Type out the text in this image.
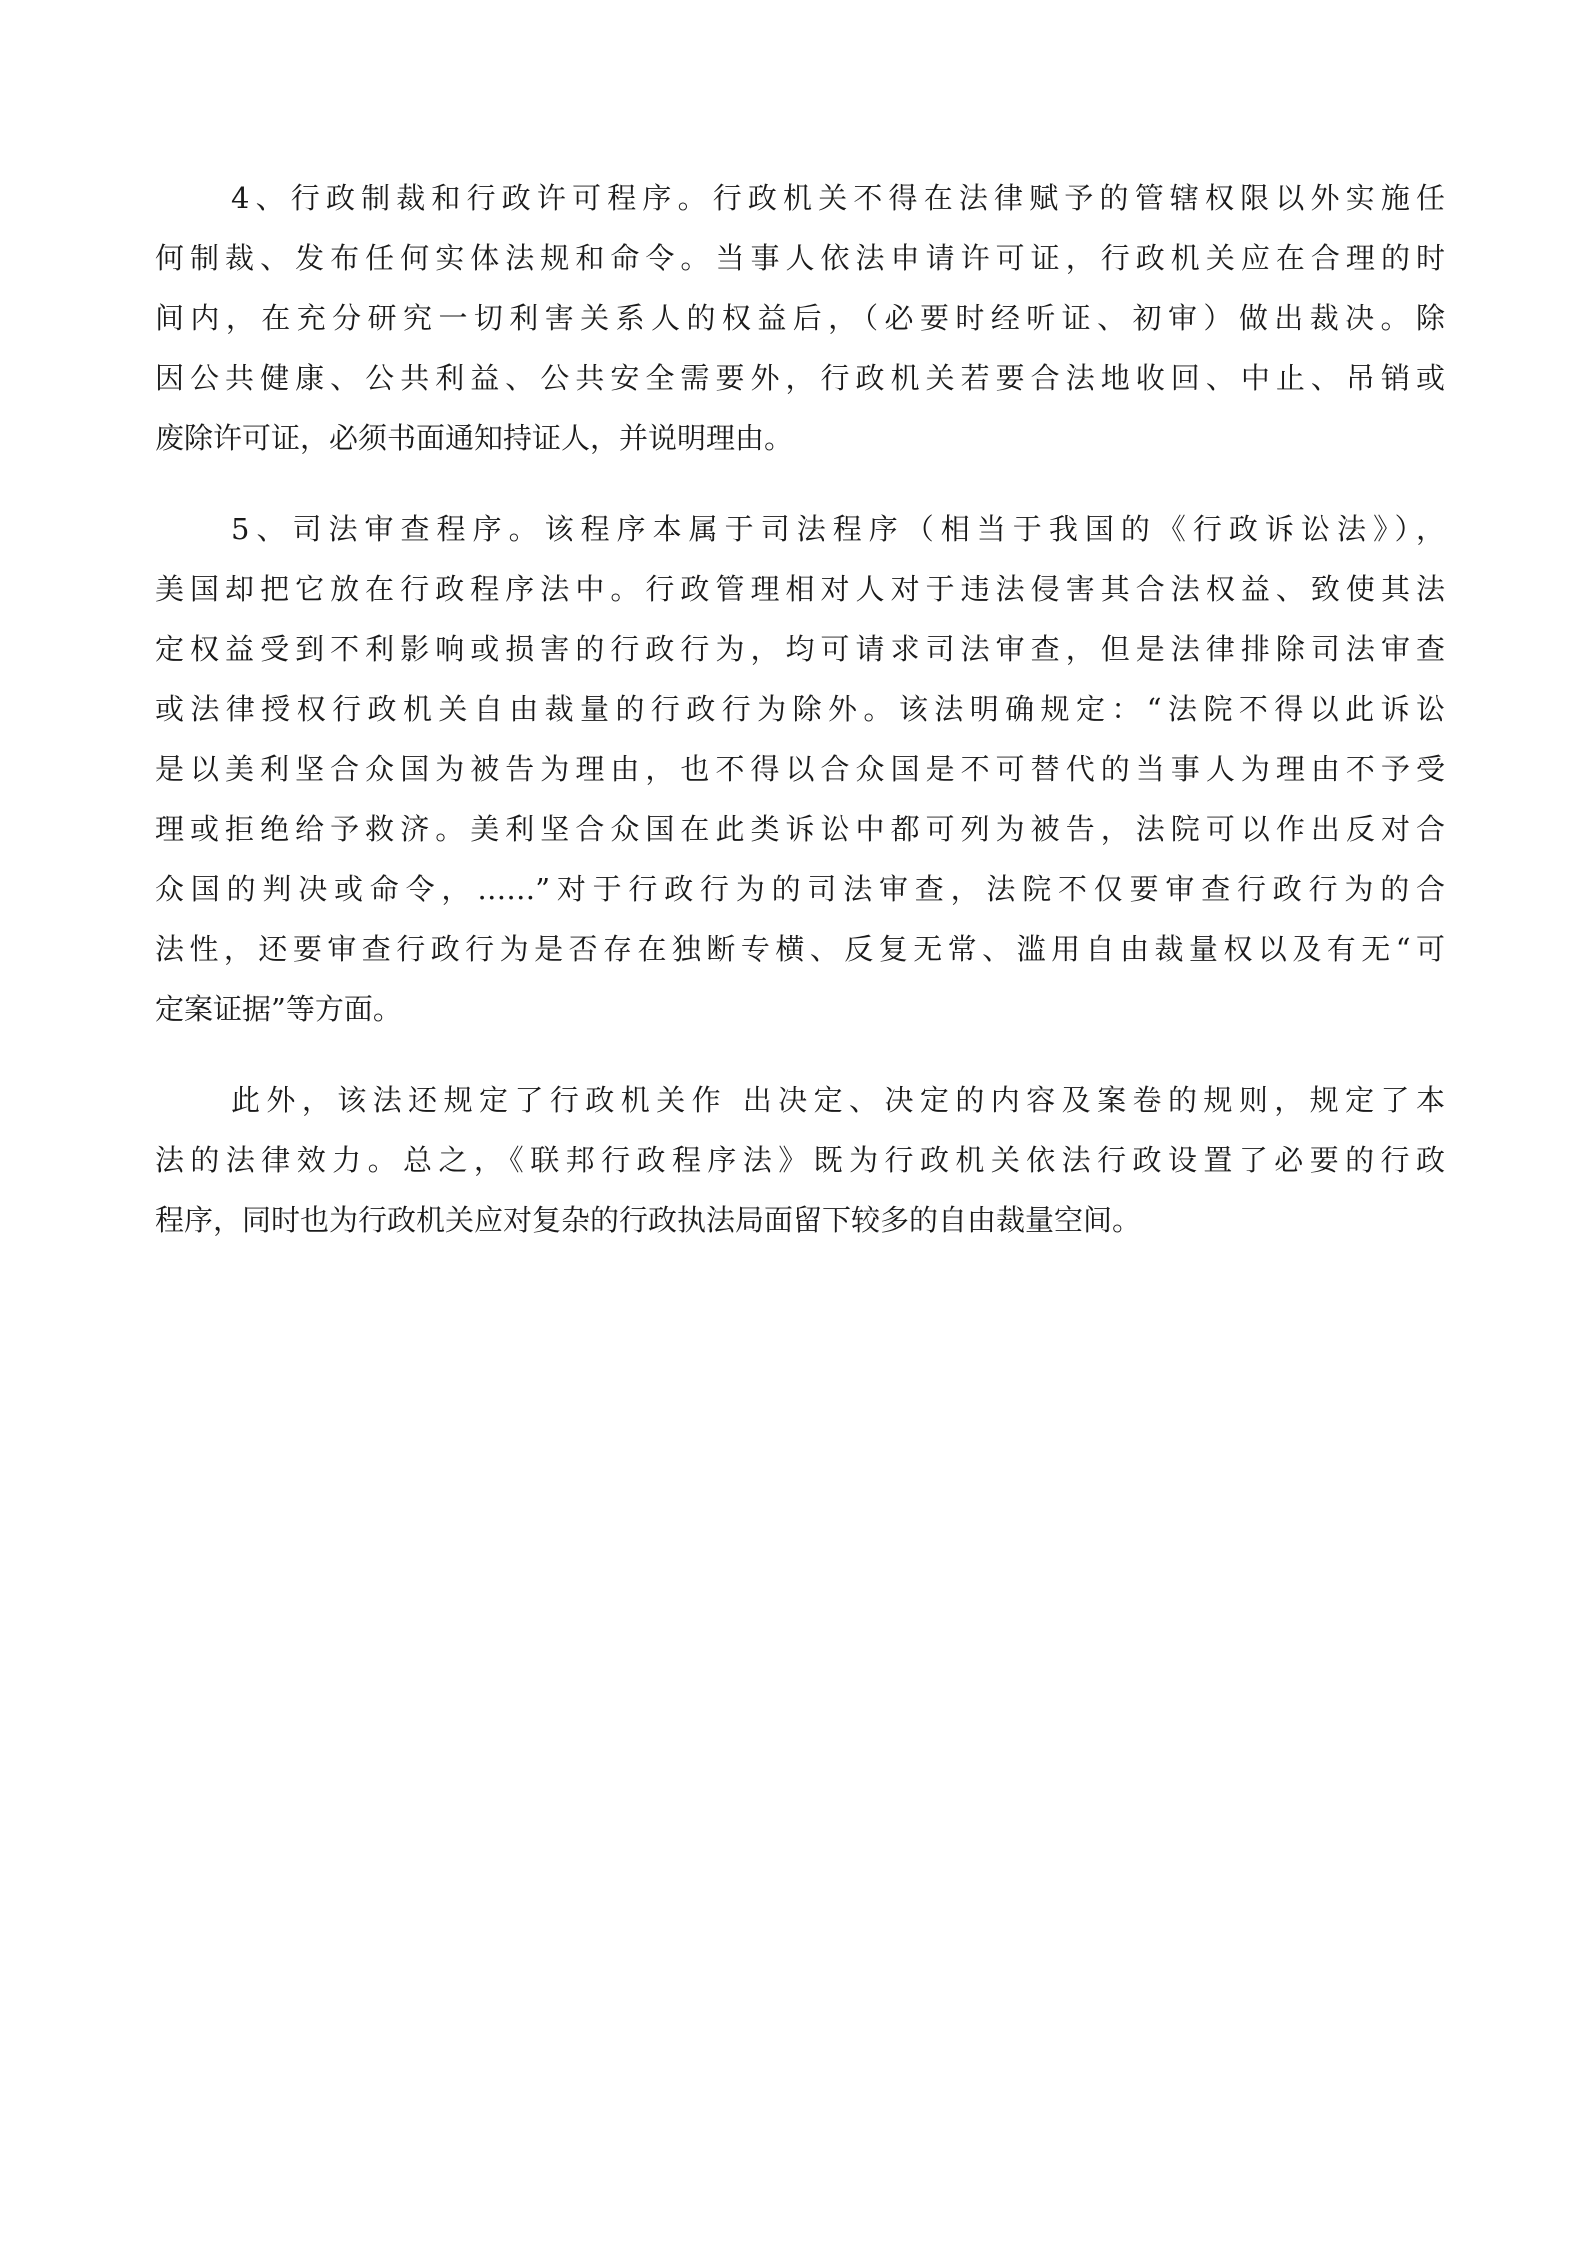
4、行政制裁和行政许可程序。行政机关不得在法律赋予的管辖权限以外实施任
何制裁、发布任何实体法规和命令。当事人依法申请许可证，行政机关应在合理的时
间内，在充分研究一切利害关系人的权益后，（必要时经听证、初审）做出裁决。除
因公共健康、公共利益、公共安全需要外，行政机关若要合法地收回、中止、吊销或
废除许可证，必须书面通知持证人，并说明理由。
5、司法审查程序。该程序本属于司法程序（相当于我国的《行政诉讼法》），
美国却把它放在行政程序法中。行政管理相对人对于违法侵害其合法权益、致使其法
定权益受到不利影响或损害的行政行为，均可请求司法审查，但是法律排除司法审查
或法律授权行政机关自由裁量的行政行为除外。该法明确规定：“法院不得以此诉讼
是以美利坚合众国为被告为理由，也不得以合众国是不可替代的当事人为理由不予受
理或拒绝给予救济。美利坚合众国在此类诉讼中都可列为被告，法院可以作出反对合
众国的判决或命令，……”对于行政行为的司法审查，法院不仅要审查行政行为的合
法性，还要审查行政行为是否存在独断专横、反复无常、滥用自由裁量权以及有无“可
定案证据”等方面。
此外，该法还规定了行政机关作 出决定、决定的内容及案卷的规则，规定了本
法的法律效力。总之，《联邦行政程序法》既为行政机关依法行政设置了必要的行政
程序，同时也为行政机关应对复杂的行政执法局面留下较多的自由裁量空间。
